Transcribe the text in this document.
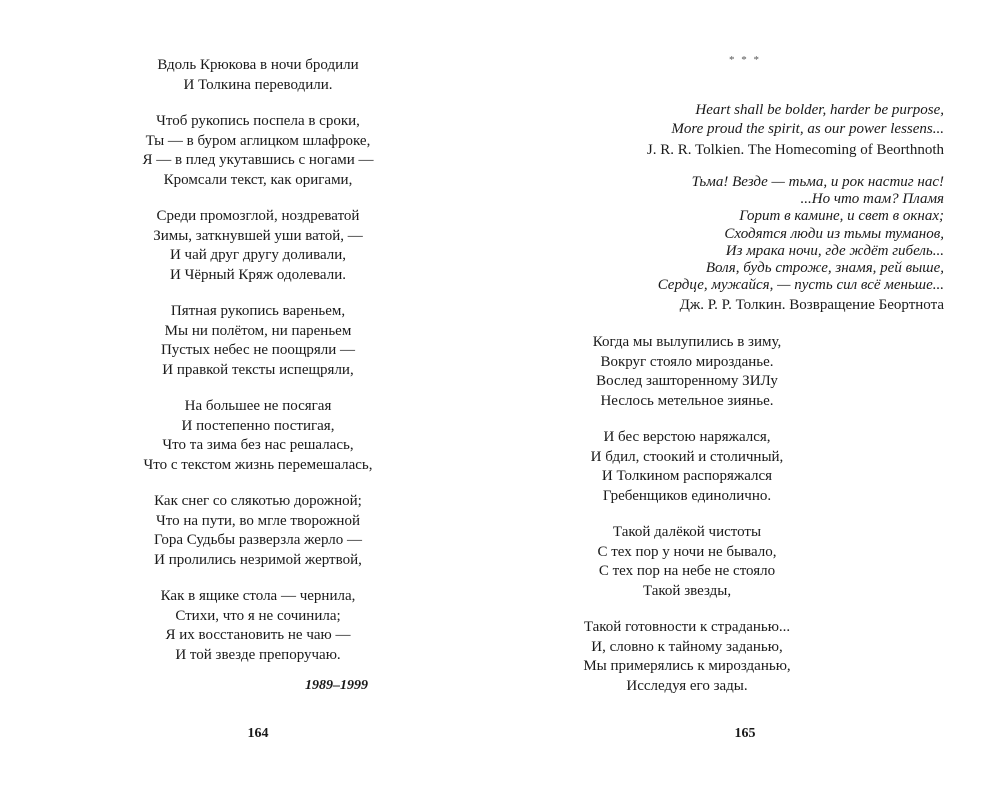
Вдоль Крюкова в ночи бродили
И Толкина переводили.
Чтоб рукопись поспела в сроки,
Ты — в буром аглицком шлафроке,
Я — в плед укутавшись с ногами —
Кромсали текст, как оригами,
Среди промозглой, ноздреватой
Зимы, заткнувшей уши ватой, —
И чай друг другу доливали,
И Чёрный Кряж одолевали.
Пятная рукопись вареньем,
Мы ни полётом, ни пареньем
Пустых небес не поощряли —
И правкой тексты испещряли,
На большее не посягая
И постепенно постигая,
Что та зима без нас решалась,
Что с текстом жизнь перемешалась,
Как снег со слякотью дорожной;
Что на пути, во мгле творожной
Гора Судьбы разверзла жерло —
И пролились незримой жертвой,
Как в ящике стола — чернила,
Стихи, что я не сочинила;
Я их восстановить не чаю —
И той звезде препоручаю.
1989–1999
164
* * *
Heart shall be bolder, harder be purpose,
More proud the spirit, as our power lessens...
J. R. R. Tolkien. The Homecoming of Beorthnoth
Тьма! Везде — тьма, и рок настиг нас!
...Но что там? Пламя
Горит в камине, и свет в окнах;
Сходятся люди из тьмы туманов,
Из мрака ночи, где ждёт гибель...
Воля, будь строже, знамя, рей выше,
Сердце, мужайся, — пусть сил всё меньше...
Дж. Р. Р. Толкин. Возвращение Беортнота
Когда мы вылупились в зиму,
Вокруг стояло мирозданье.
Вослед зашторенному ЗИЛу
Неслось метельное зиянье.
И бес верстою наряжался,
И бдил, стоокий и столичный,
И Толкином распоряжался
Гребенщиков единолично.
Такой далёкой чистоты
С тех пор у ночи не бывало,
С тех пор на небе не стояло
Такой звезды,
Такой готовности к страданью...
И, словно к тайному заданью,
Мы примерялись к мирозданью,
Исследуя его зады.
165
